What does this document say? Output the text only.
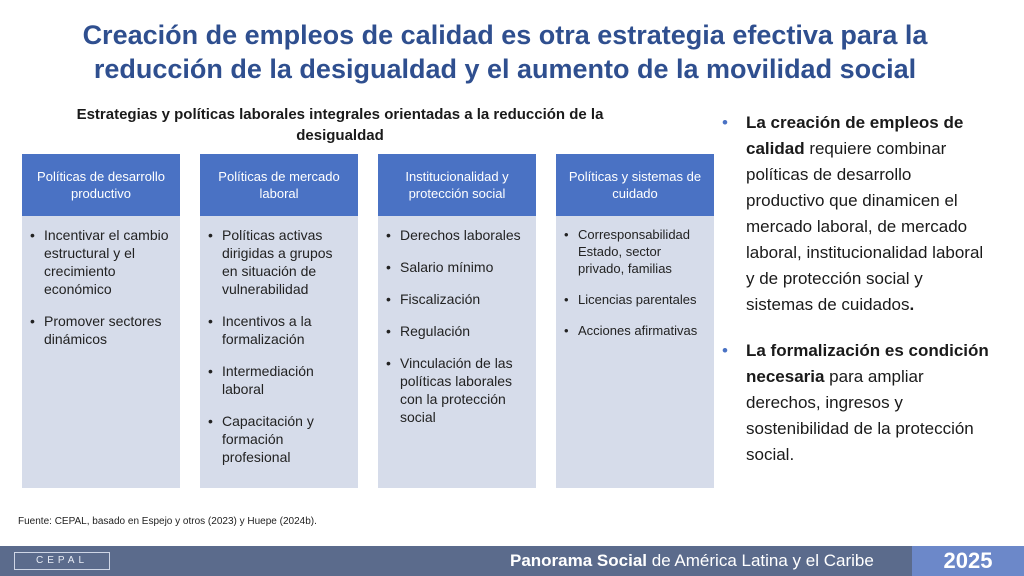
Creación de empleos de calidad es otra estrategia efectiva para la reducción de la desigualdad y el aumento de la movilidad social
Estrategias y políticas laborales integrales orientadas a la reducción de la desigualdad
Políticas de desarrollo productivo
• Incentivar el cambio estructural y el crecimiento económico
• Promover sectores dinámicos
Políticas de mercado laboral
• Políticas activas dirigidas a grupos en situación de vulnerabilidad
• Incentivos a la formalización
• Intermediación laboral
• Capacitación y formación profesional
Institucionalidad y protección social
• Derechos laborales
• Salario mínimo
• Fiscalización
• Regulación
• Vinculación de las políticas laborales con la protección social
Políticas y sistemas de cuidado
• Corresponsabilidad Estado, sector privado, familias
• Licencias parentales
• Acciones afirmativas
• La creación de empleos de calidad requiere combinar políticas de desarrollo productivo que dinamicen el mercado laboral, de mercado laboral, institucionalidad laboral y de protección social y sistemas de cuidados.
• La formalización es condición necesaria para ampliar derechos, ingresos y sostenibilidad de la protección social.
Fuente: CEPAL, basado en Espejo y otros (2023) y Huepe (2024b).
CEPAL	Panorama Social de América Latina y el Caribe	2025
